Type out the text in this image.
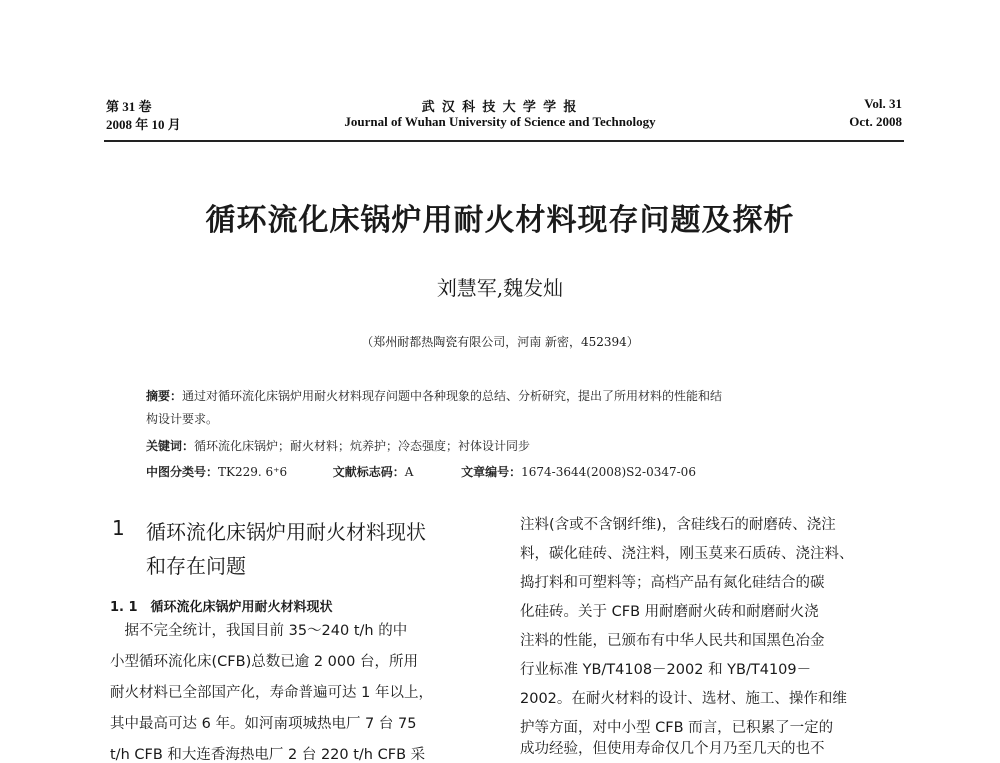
第 31 卷
2008 年 10 月
武 汉 科 技 大 学 学 报
Journal of Wuhan University of Science and Technology
Vol. 31
Oct. 2008
循环流化床锅炉用耐火材料现存问题及探析
刘慧军,魏发灿
（郑州耐都热陶瓷有限公司，河南 新密，452394）
摘要：通过对循环流化床锅炉用耐火材料现存问题中各种现象的总结、分析研究，提出了所用材料的性能和结
构设计要求。
关键词：循环流化床锅炉；耐火材料；炕养护；冷态强度；衬体设计同步
中图分类号：TK229. 6⁺6	文献标志码：A	文章编号：1674-3644(2008)S2-0347-06
1 循环流化床锅炉用耐火材料现状
和存在问题
1. 1　循环流化床锅炉用耐火材料现状
　据不完全统计，我国目前 35～240 t/h 的中
小型循环流化床(CFB)总数已逾 2 000 台，所用
耐火材料已全部国产化，寿命普遍可达 1 年以上，
其中最高可达 6 年。如河南项城热电厂 7 台 75
t/h CFB 和大连香海热电厂 2 台 220 t/h CFB 采
注料(含或不含钢纤维)，含硅线石的耐磨砖、浇注
料，碳化硅砖、浇注料，刚玉莫来石质砖、浇注料、
捣打料和可塑料等；高档产品有氮化硅结合的碳
化硅砖。关于 CFB 用耐磨耐火砖和耐磨耐火浇
注料的性能，已颁布有中华人民共和国黑色冶金
行业标准 YB/T4108－2002 和 YB/T4109－
2002。在耐火材料的设计、选材、施工、操作和维
护等方面，对中小型 CFB 而言，已积累了一定的
成功经验，但使用寿命仅几个月乃至几天的也不
